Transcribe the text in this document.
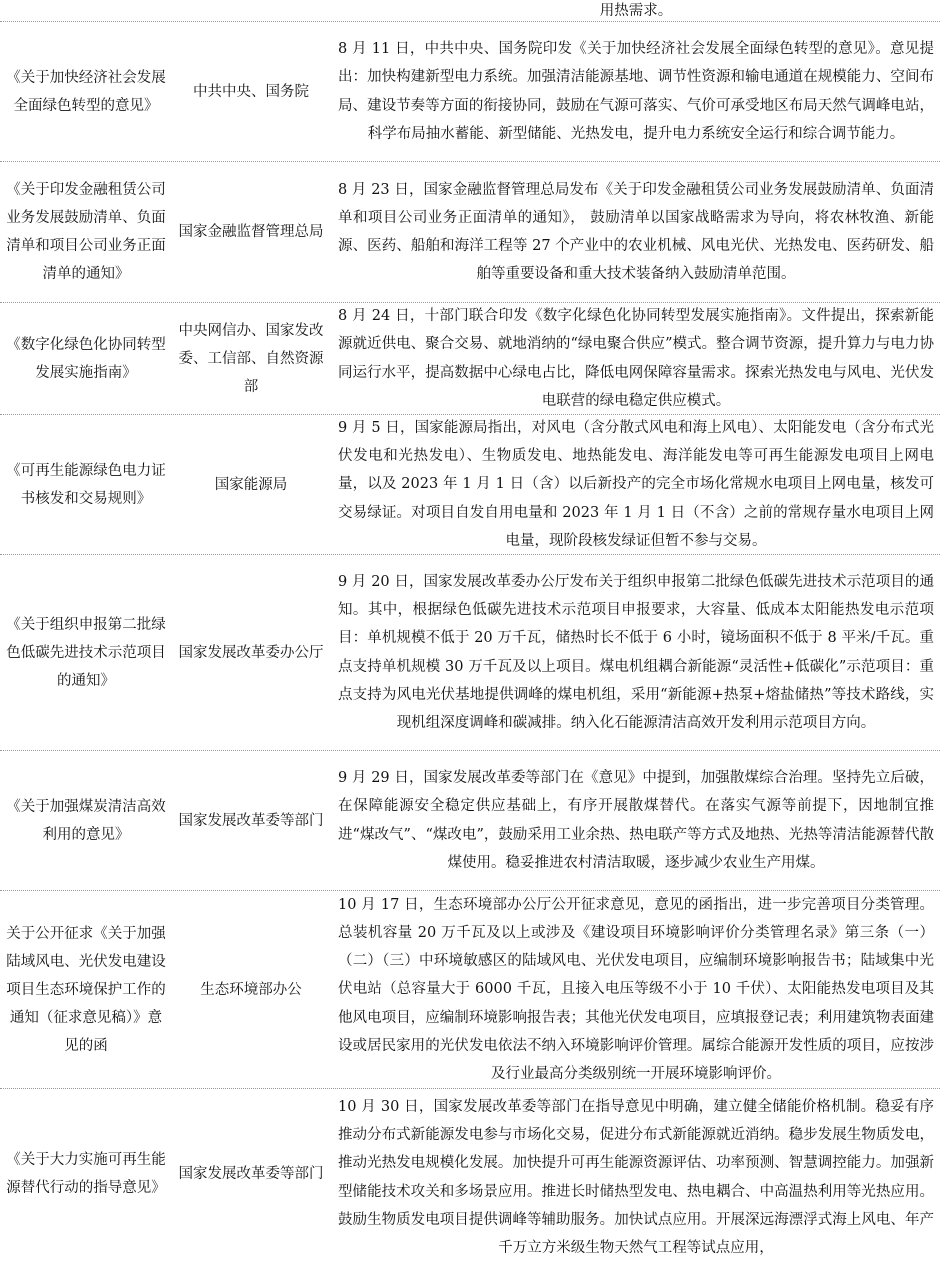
用热需求。
《关于加快经济社会发展全面绿色转型的意见》
中共中央、国务院
8 月 11 日，中共中央、国务院印发《关于加快经济社会发展全面绿色转型的意见》。意见提出：加快构建新型电力系统。加强清洁能源基地、调节性资源和输电通道在规模能力、空间布局、建设节奏等方面的衔接协同，鼓励在气源可落实、气价可承受地区布局天然气调峰电站，科学布局抽水蓄能、新型储能、光热发电，提升电力系统安全运行和综合调节能力。
《关于印发金融租赁公司业务发展鼓励清单、负面清单和项目公司业务正面清单的通知》
国家金融监督管理总局
8 月 23 日，国家金融监督管理总局发布《关于印发金融租赁公司业务发展鼓励清单、负面清单和项目公司业务正面清单的通知》， 鼓励清单以国家战略需求为导向，将农林牧渔、新能源、医药、船舶和海洋工程等 27 个产业中的农业机械、风电光伏、光热发电、医药研发、船舶等重要设备和重大技术装备纳入鼓励清单范围。
《数字化绿色化协同转型发展实施指南》
中央网信办、国家发改委、工信部、自然资源部
8 月 24 日，十部门联合印发《数字化绿色化协同转型发展实施指南》。文件提出，探索新能源就近供电、聚合交易、就地消纳的“绿电聚合供应”模式。整合调节资源，提升算力与电力协同运行水平，提高数据中心绿电占比，降低电网保障容量需求。探索光热发电与风电、光伏发电联营的绿电稳定供应模式。
《可再生能源绿色电力证书核发和交易规则》
国家能源局
9 月 5 日，国家能源局指出，对风电（含分散式风电和海上风电）、太阳能发电（含分布式光伏发电和光热发电）、生物质发电、地热能发电、海洋能发电等可再生能源发电项目上网电量，以及 2023 年 1 月 1 日（含）以后新投产的完全市场化常规水电项目上网电量，核发可交易绿证。对项目自发自用电量和 2023 年 1 月 1 日（不含）之前的常规存量水电项目上网电量，现阶段核发绿证但暂不参与交易。
《关于组织申报第二批绿色低碳先进技术示范项目的通知》
国家发展改革委办公厅
9 月 20 日，国家发展改革委办公厅发布关于组织申报第二批绿色低碳先进技术示范项目的通知。其中，根据绿色低碳先进技术示范项目申报要求，大容量、低成本太阳能热发电示范项目：单机规模不低于 20 万千瓦，储热时长不低于 6 小时，镜场面积不低于 8 平米/千瓦。重点支持单机规模 30 万千瓦及以上项目。煤电机组耦合新能源“灵活性+低碳化”示范项目：重点支持为风电光伏基地提供调峰的煤电机组，采用“新能源+热泵+熔盐储热”等技术路线，实现机组深度调峰和碳减排。纳入化石能源清洁高效开发利用示范项目方向。
《关于加强煤炭清洁高效利用的意见》
国家发展改革委等部门
9 月 29 日，国家发展改革委等部门在《意见》中提到，加强散煤综合治理。坚持先立后破，在保障能源安全稳定供应基础上，有序开展散煤替代。在落实气源等前提下，因地制宜推进“煤改气”、“煤改电”，鼓励采用工业余热、热电联产等方式及地热、光热等清洁能源替代散煤使用。稳妥推进农村清洁取暖，逐步减少农业生产用煤。
关于公开征求《关于加强陆域风电、光伏发电建设项目生态环境保护工作的通知（征求意见稿）》意见的函
生态环境部办公
10 月 17 日，生态环境部办公厅公开征求意见，意见的函指出，进一步完善项目分类管理。总装机容量 20 万千瓦及以上或涉及《建设项目环境影响评价分类管理名录》第三条（一）（二）（三）中环境敏感区的陆域风电、光伏发电项目，应编制环境影响报告书；陆域集中光伏电站（总容量大于 6000 千瓦，且接入电压等级不小于 10 千伏）、太阳能热发电项目及其他风电项目，应编制环境影响报告表；其他光伏发电项目，应填报登记表；利用建筑物表面建设或居民家用的光伏发电依法不纳入环境影响评价管理。属综合能源开发性质的项目，应按涉及行业最高分类级别统一开展环境影响评价。
《关于大力实施可再生能源替代行动的指导意见》
国家发展改革委等部门
10 月 30 日，国家发展改革委等部门在指导意见中明确，建立健全储能价格机制。稳妥有序推动分布式新能源发电参与市场化交易，促进分布式新能源就近消纳。稳步发展生物质发电，推动光热发电规模化发展。加快提升可再生能源资源评估、功率预测、智慧调控能力。加强新型储能技术攻关和多场景应用。推进长时储热型发电、热电耦合、中高温热利用等光热应用。鼓励生物质发电项目提供调峰等辅助服务。加快试点应用。开展深远海漂浮式海上风电、年产千万立方米级生物天然气工程等试点应用，
